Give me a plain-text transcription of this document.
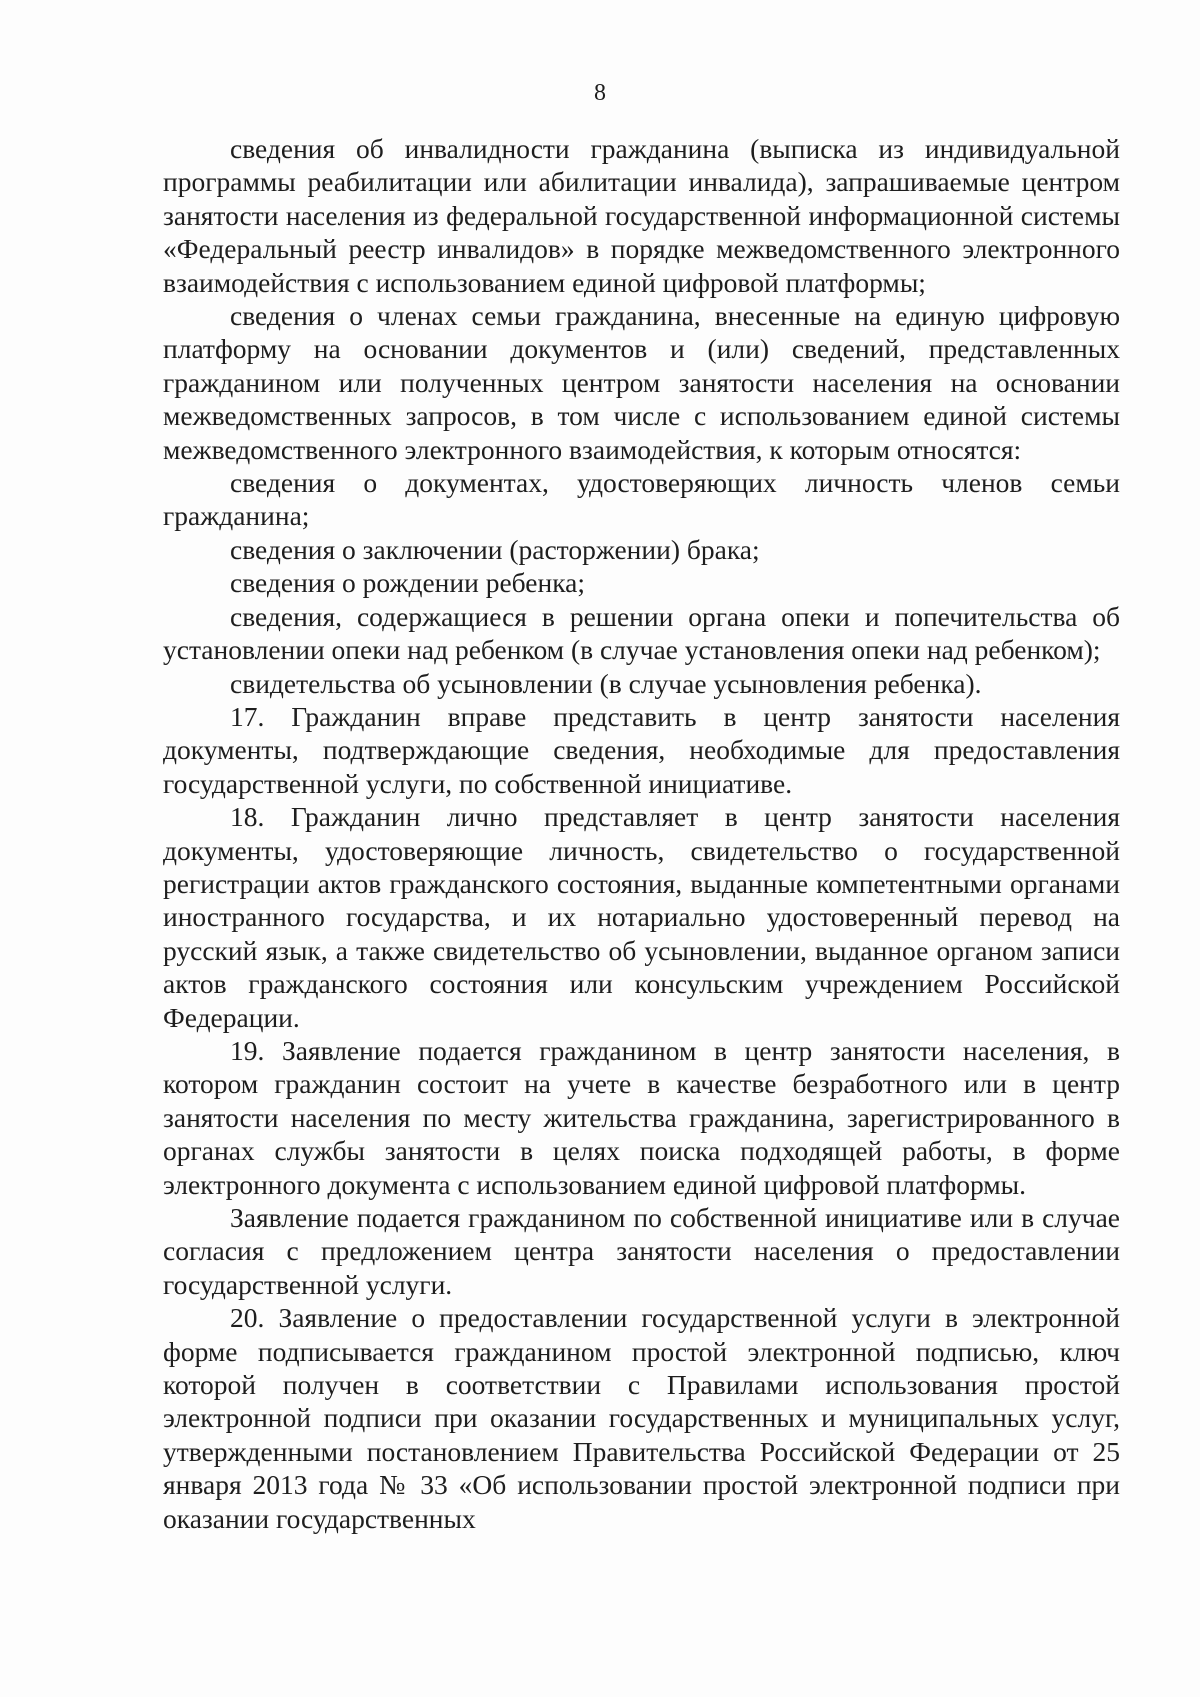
8

сведения об инвалидности гражданина (выписка из индивидуальной программы реабилитации или абилитации инвалида), запрашиваемые центром занятости населения из федеральной государственной информационной системы «Федеральный реестр инвалидов» в порядке межведомственного электронного взаимодействия с использованием единой цифровой платформы;

сведения о членах семьи гражданина, внесенные на единую цифровую платформу на основании документов и (или) сведений, представленных гражданином или полученных центром занятости населения на основании межведомственных запросов, в том числе с использованием единой системы межведомственного электронного взаимодействия, к которым относятся:

сведения о документах, удостоверяющих личность членов семьи гражданина;

сведения о заключении (расторжении) брака;

сведения о рождении ребенка;

сведения, содержащиеся в решении органа опеки и попечительства об установлении опеки над ребенком (в случае установления опеки над ребенком);

свидетельства об усыновлении (в случае усыновления ребенка).

17. Гражданин вправе представить в центр занятости населения документы, подтверждающие сведения, необходимые для предоставления государственной услуги, по собственной инициативе.

18. Гражданин лично представляет в центр занятости населения документы, удостоверяющие личность, свидетельство о государственной регистрации актов гражданского состояния, выданные компетентными органами иностранного государства, и их нотариально удостоверенный перевод на русский язык, а также свидетельство об усыновлении, выданное органом записи актов гражданского состояния или консульским учреждением Российской Федерации.

19. Заявление подается гражданином в центр занятости населения, в котором гражданин состоит на учете в качестве безработного или в центр занятости населения по месту жительства гражданина, зарегистрированного в органах службы занятости в целях поиска подходящей работы, в форме электронного документа с использованием единой цифровой платформы.

Заявление подается гражданином по собственной инициативе или в случае согласия с предложением центра занятости населения о предоставлении государственной услуги.

20. Заявление о предоставлении государственной услуги в электронной форме подписывается гражданином простой электронной подписью, ключ которой получен в соответствии с Правилами использования простой электронной подписи при оказании государственных и муниципальных услуг, утвержденными постановлением Правительства Российской Федерации от 25 января 2013 года № 33 «Об использовании простой электронной подписи при оказании государственных
